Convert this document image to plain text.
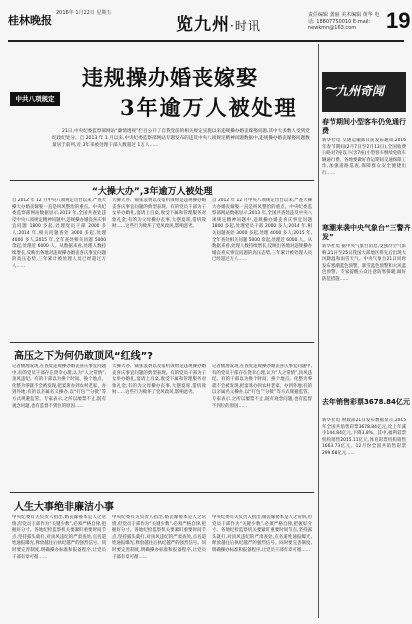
桂林晚报
2016年 1月22日 星期五
览九州·时讯
责任编辑 龚丽 美术编辑 黄华 电话: 18807750010 E-mail: newkmn@163.com	19
中共八项规定
违规操办婚丧嫁娶
3年逾万人被处理
~
九州奇闻
21日,中央纪委监察部网站“廉情透视”栏目公开了自我党前的相关规定实施以来违规操办婚丧嫁娶问题,其中大多数人受到党纪政纪处分。自 2013 年 1 月以来,中央纪委监察部网站专题发布的违反中央八项规定精神问题数据中,违规操办婚丧嫁娶问题数量居于前列,近 3年来被处理干部人数超过 1万人……
“大操大办”,3年逾万人被处理
自 2012 年 12 月中央八项规定出台以来,严查大操大办婚丧嫁娶一直是纠风整治的重点。中央纪委监察部网站数据显示,2013 年,全国共查处违反中央八项规定精神问题中,违规操办婚丧喜庆事宜问题 1800 多起,处理党员干部 2000 多人;2014 年,相关问题查处 3000 多起,处理 4000 多人;2015 年,全年查处相关问题 5000 余起,处理近 6000 人。从数据来看,处理人数持续增长,反映出各地对违规操办婚丧喜庆事宜问题的高压态势,三年累计被处理人员已经超过万人……
大操大办、铺张浪费以及借机敛财是违规操办婚丧喜庆事宜问题的典型表现。有的党员干部为子女举办婚礼,宴请上百桌,收受下属和管理服务对象礼金;有的为父母操办丧事,大摆宴席,借机敛财……这些行为败坏了党风政风,影响恶劣。
自 2012 年 12 月中央八项规定出台以来,严查大操大办婚丧嫁娶一直是纠风整治的重点。中央纪委监察部网站数据显示,2013 年,全国共查处违反中央八项规定精神问题中,违规操办婚丧喜庆事宜问题 1800 多起,处理党员干部 2000 多人;2014 年,相关问题查处 3000 多起,处理 4000 多人;2015 年,全年查处相关问题 5000 余起,处理近 6000 人。从数据来看,处理人数持续增长,反映出各地对违规操办婚丧喜庆事宜问题的高压态势,三年累计被处理人员已经超过万人……
高压之下为何仍敢顶风“红线”?
记者梳理发现,在查处违规操办婚丧喜庆事宜问题中,有的党员干部存在侥幸心理,认为“人之常情”,顶风违纪。有的干部以为换个时间、换个地点、化整为零就不会被发现,把宴席办到农村老家、办到外地;有的以亲属名义操办,以“打包”“分批”等方式规避监管。专家表示,之所以屡禁不止,既有观念问题,也有监督不到位的原因……
大操大办、铺张浪费以及借机敛财是违规操办婚丧喜庆事宜问题的典型表现。有的党员干部为子女举办婚礼,宴请上百桌,收受下属和管理服务对象礼金;有的为父母操办丧事,大摆宴席,借机敛财……这些行为败坏了党风政风,影响恶劣。
记者梳理发现,在查处违规操办婚丧喜庆事宜问题中,有的党员干部存在侥幸心理,认为“人之常情”,顶风违纪。有的干部以为换个时间、换个地点、化整为零就不会被发现,把宴席办到农村老家、办到外地;有的以亲属名义操办,以“打包”“分批”等方式规避监管。专家表示,之所以屡禁不止,既有观念问题,也有监督不到位的原因……
人生大事绝非廉洁小事
中央纪委有关负责人指出,婚丧嫁娶本是人之常情,但党员干部作为“关键少数”,必须严格自律,把握好分寸。各地纪检监察机关要紧盯重要时间节点,坚持露头就打,对顶风违纪的严肃查处,点名道姓通报曝光,释放越往后执纪越严的强烈信号。同时要完善制度,明确操办标准和报备程序,让党员干部有章可循……
中央纪委有关负责人指出,婚丧嫁娶本是人之常情,但党员干部作为“关键少数”,必须严格自律,把握好分寸。各地纪检监察机关要紧盯重要时间节点,坚持露头就打,对顶风违纪的严肃查处,点名道姓通报曝光,释放越往后执纪越严的强烈信号。同时要完善制度,明确操办标准和报备程序,让党员干部有章可循……
中央纪委有关负责人指出,婚丧嫁娶本是人之常情,但党员干部作为“关键少数”,必须严格自律,把握好分寸。各地纪检监察机关要紧盯重要时间节点,坚持露头就打,对顶风违纪的严肃查处,点名道姓通报曝光,释放越往后执纪越严的强烈信号。同时要完善制度,明确操办标准和报备程序,让党员干部有章可循……
春节期间小型客车仍免通行费
新华社电 交通运输部日前发布通知,2016 年春节期间(2月7日至2月13日),全国收费公路对7座以下(含7座)小型客车继续免收车辆通行费。各地要做好春运期间交通保障工作,加强道路巡查,保障群众安全便捷出行……
寒潮来袭中央气象台“三警齐发”
新华社电 据中央气象台消息,受强冷空气影响,21日至25日我国大部地区将先后出现大风降温和雨雪天气。中央气象台21日同时发布寒潮蓝色预警、暴雪蓝色预警和大风蓝色预警。专家提醒公众注意防寒保暖,做好防范措施……
去年销售彩票3678.84亿元
新华社电 财政部21日发布数据显示,2015年全国共销售彩票3678.84亿元,比上年减少144.84亿元,下降3.8%。其中,福利彩票机构销售2015.11亿元,体育彩票机构销售1663.73亿元。12月份全国共销售彩票299.68亿元……
